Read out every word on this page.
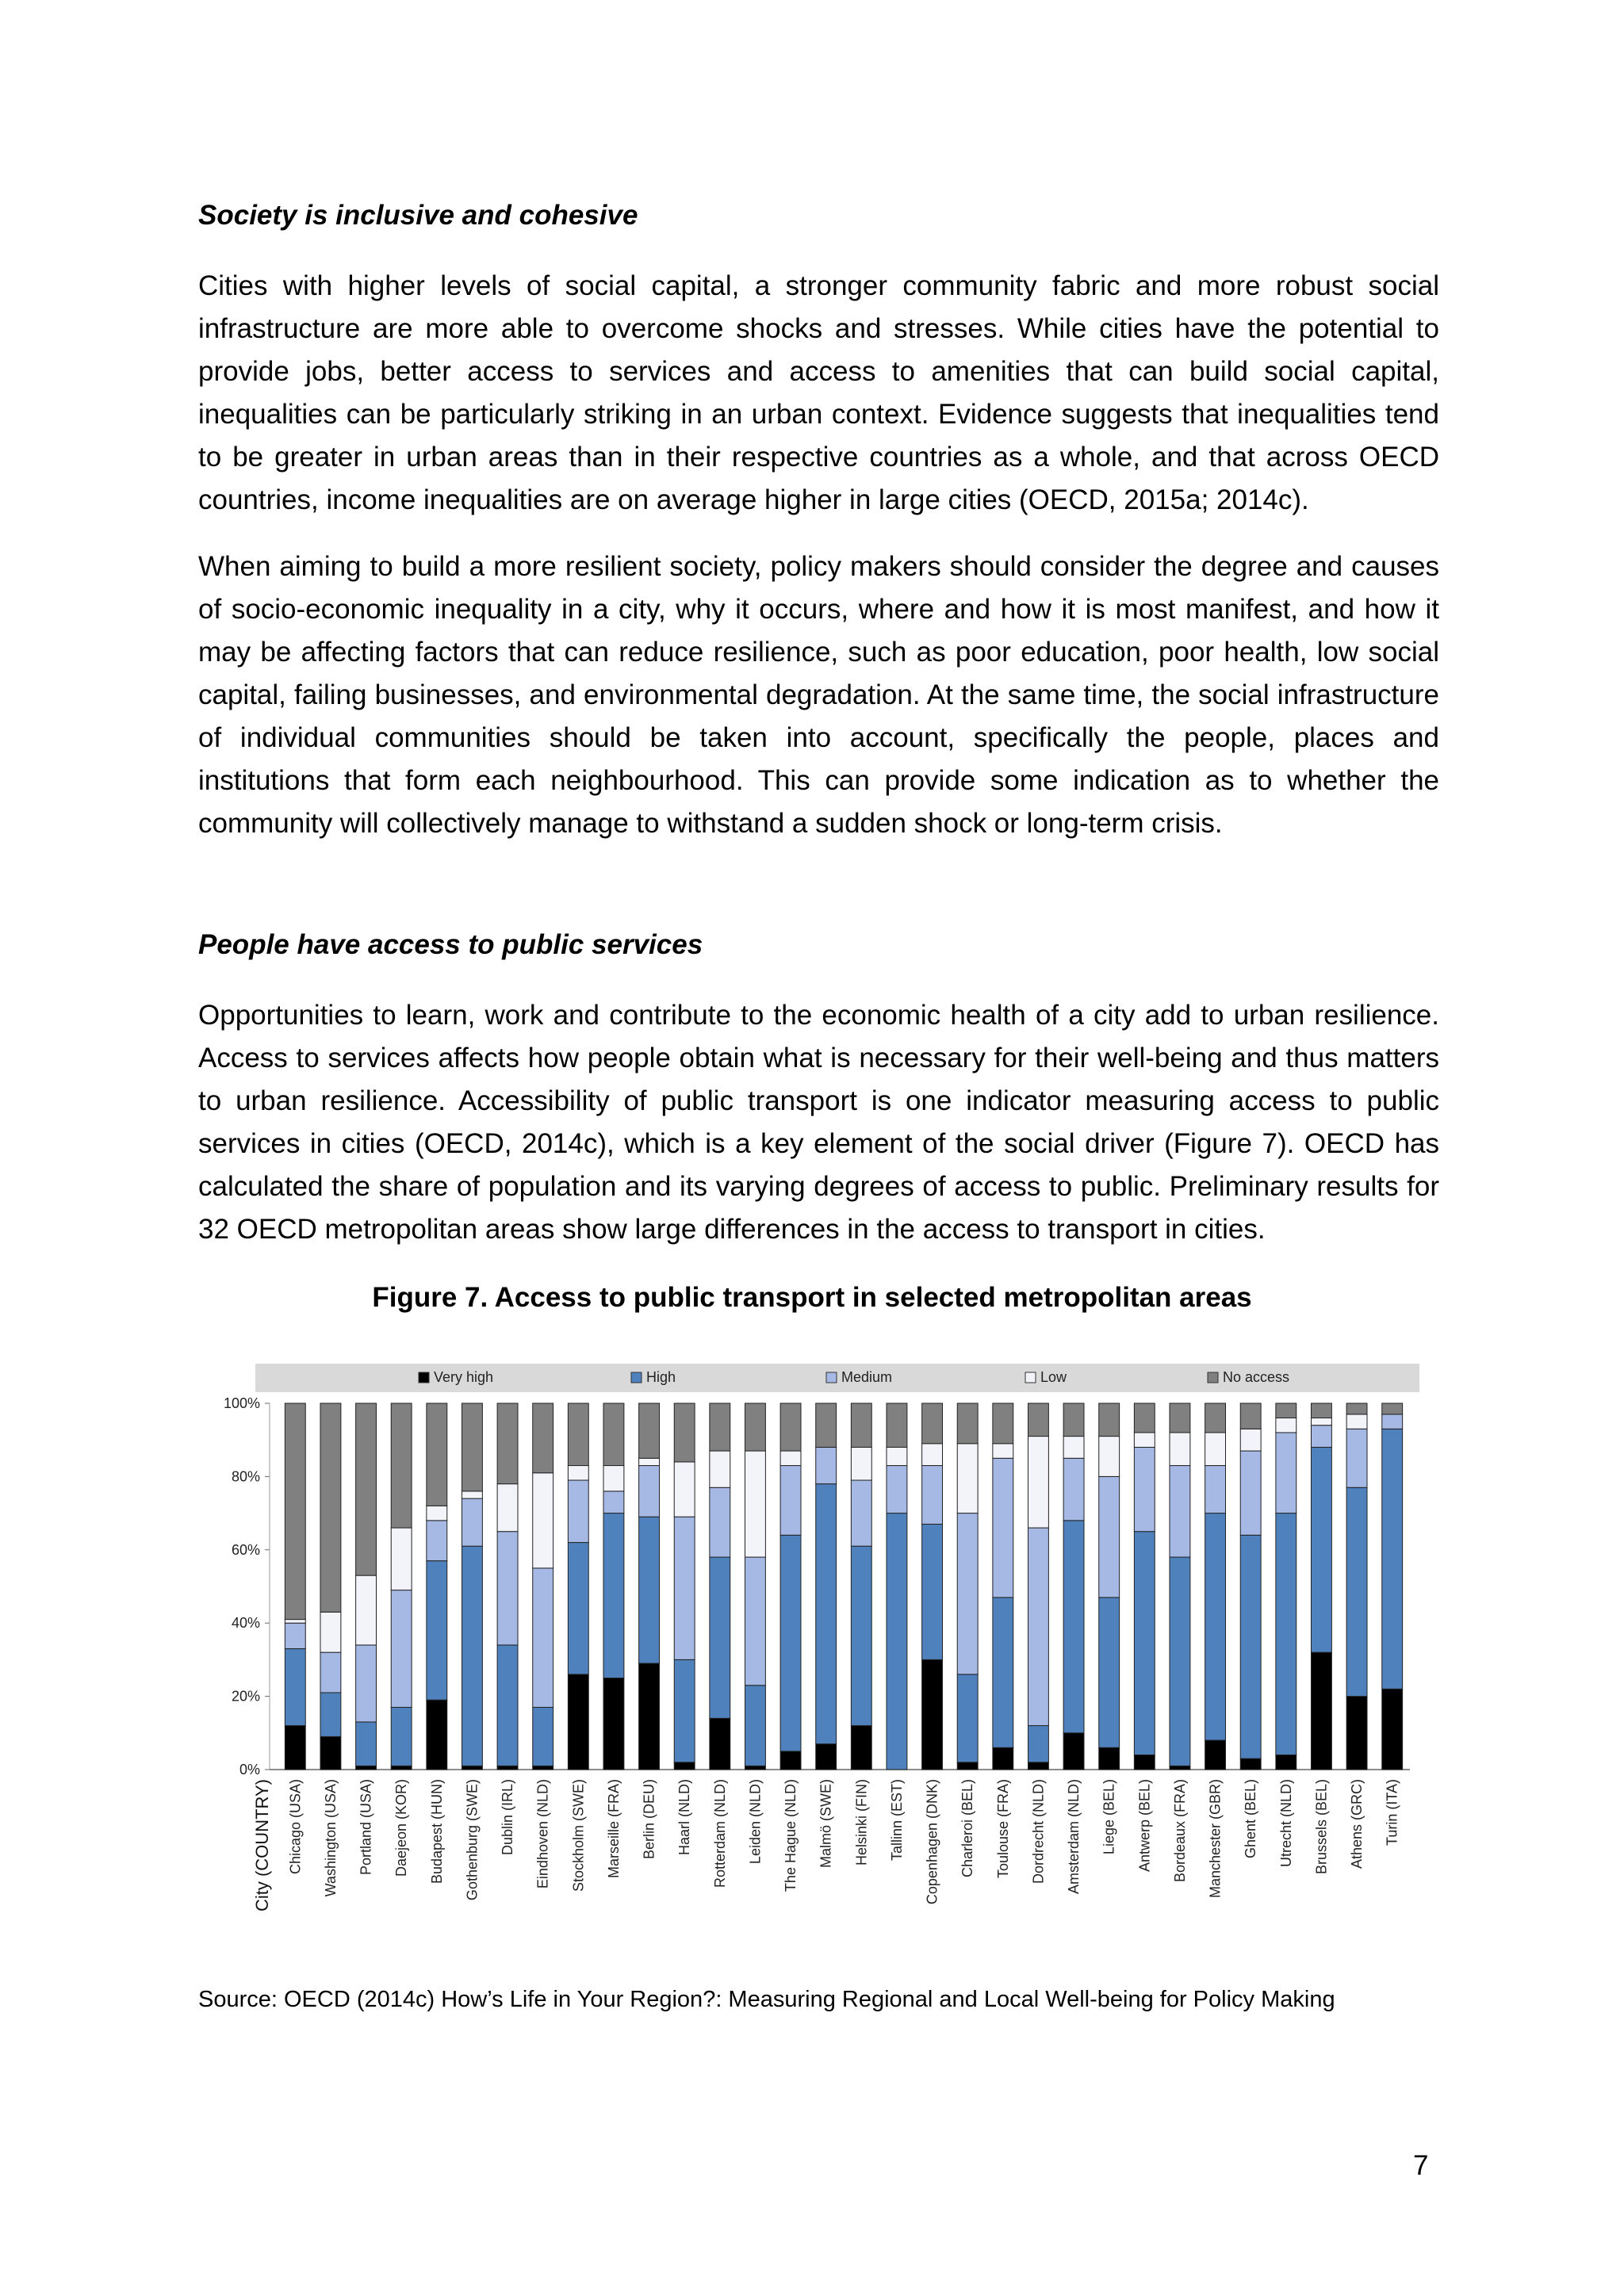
Society is inclusive and cohesive

Cities with higher levels of social capital, a stronger community fabric and more robust social infrastructure are more able to overcome shocks and stresses. While cities have the potential to provide jobs, better access to services and access to amenities that can build social capital, inequalities can be particularly striking in an urban context. Evidence suggests that inequalities tend to be greater in urban areas than in their respective countries as a whole, and that across OECD countries, income inequalities are on average higher in large cities (OECD, 2015a; 2014c).

When aiming to build a more resilient society, policy makers should consider the degree and causes of socio-economic inequality in a city, why it occurs, where and how it is most manifest, and how it may be affecting factors that can reduce resilience, such as poor education, poor health, low social capital, failing businesses, and environmental degradation. At the same time, the social infrastructure of individual communities should be taken into account, specifically the people, places and institutions that form each neighbourhood. This can provide some indication as to whether the community will collectively manage to withstand a sudden shock or long-term crisis.

People have access to public services

Opportunities to learn, work and contribute to the economic health of a city add to urban resilience. Access to services affects how people obtain what is necessary for their well-being and thus matters to urban resilience. Accessibility of public transport is one indicator measuring access to public services in cities (OECD, 2014c), which is a key element of the social driver (Figure 7). OECD has calculated the share of population and its varying degrees of access to public. Preliminary results for 32 OECD metropolitan areas show large differences in the access to transport in cities.

Figure 7. Access to public transport in selected metropolitan areas
Very high	High	Medium	Low	No access
0%
20%
40%
60%
80%
100%
Chicago (USA) Washington (USA) Portland (USA) Daejeon (KOR) Budapest (HUN) Gothenburg (SWE) Dublin (IRL) Eindhoven (NLD) Stockholm (SWE) Marseille (FRA) Berlin (DEU) Haarl (NLD) Rotterdam (NLD) Leiden (NLD) The Hague (NLD) Malmö (SWE) Helsinki (FIN) Tallinn (EST) Copenhagen (DNK) Charleroi (BEL) Toulouse (FRA) Dordrecht (NLD) Amsterdam (NLD) Liege (BEL) Antwerp (BEL) Bordeaux (FRA) Manchester (GBR) Ghent (BEL) Utrecht (NLD) Brussels (BEL) Athens (GRC) Turin (ITA)
City (COUNTRY)
Source: OECD (2014c) How’s Life in Your Region?: Measuring Regional and Local Well-being for Policy Making
7
